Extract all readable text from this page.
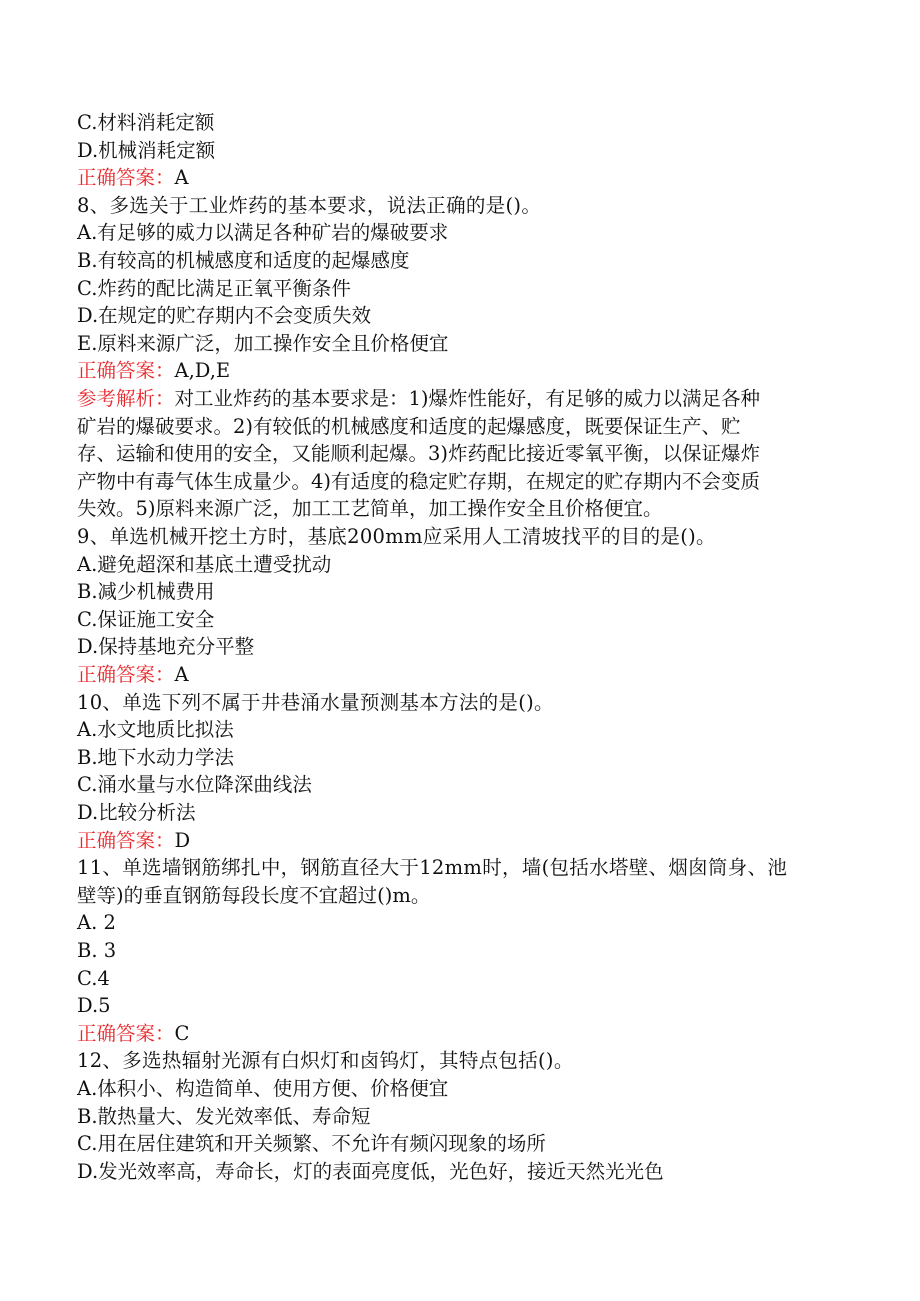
C.材料消耗定额
D.机械消耗定额
正确答案：A
8、多选关于工业炸药的基本要求，说法正确的是()。
A.有足够的威力以满足各种矿岩的爆破要求
B.有较高的机械感度和适度的起爆感度
C.炸药的配比满足正氧平衡条件
D.在规定的贮存期内不会变质失效
E.原料来源广泛，加工操作安全且价格便宜
正确答案：A,D,E
参考解析：对工业炸药的基本要求是：1)爆炸性能好，有足够的威力以满足各种
矿岩的爆破要求。2)有较低的机械感度和适度的起爆感度，既要保证生产、贮
存、运输和使用的安全，又能顺利起爆。3)炸药配比接近零氧平衡，以保证爆炸
产物中有毒气体生成量少。4)有适度的稳定贮存期，在规定的贮存期内不会变质
失效。5)原料来源广泛，加工工艺简单，加工操作安全且价格便宜。
9、单选机械开挖土方时，基底200mm应采用人工清坡找平的目的是()。
A.避免超深和基底土遭受扰动
B.减少机械费用
C.保证施工安全
D.保持基地充分平整
正确答案：A
10、单选下列不属于井巷涌水量预测基本方法的是()。
A.水文地质比拟法
B.地下水动力学法
C.涌水量与水位降深曲线法
D.比较分析法
正确答案：D
11、单选墙钢筋绑扎中，钢筋直径大于12mm时，墙(包括水塔壁、烟囱筒身、池
壁等)的垂直钢筋每段长度不宜超过()m。
A. 2
B. 3
C.4
D.5
正确答案：C
12、多选热辐射光源有白炽灯和卤钨灯，其特点包括()。
A.体积小、构造简单、使用方便、价格便宜
B.散热量大、发光效率低、寿命短
C.用在居住建筑和开关频繁、不允许有频闪现象的场所
D.发光效率高，寿命长，灯的表面亮度低，光色好，接近天然光光色
